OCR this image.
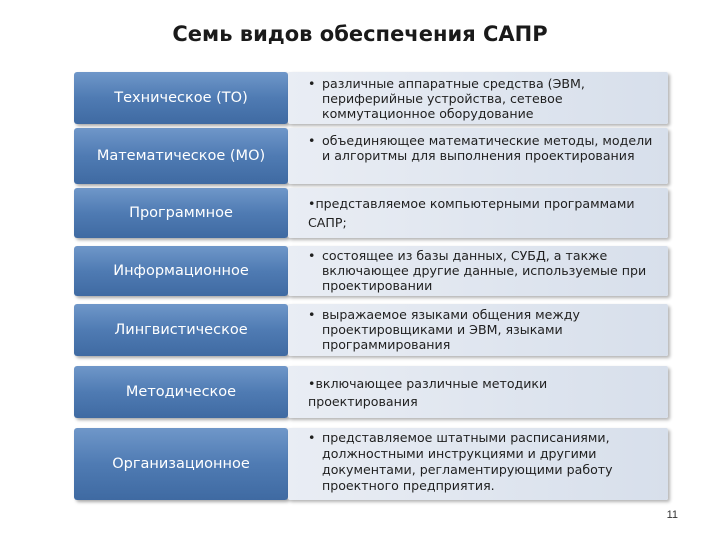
Семь видов обеспечения САПР
Техническое (ТО)
• различные аппаратные средства (ЭВМ, периферийные устройства, сетевое коммутационное оборудование
Математическое (МО)
• объединяющее математические методы, модели и алгоритмы для выполнения проектирования
Программное
•представляемое компьютерными программами САПР;
Информационное
• состоящее из базы данных, СУБД, а также включающее другие данные, используемые при проектировании
Лингвистическое
• выражаемое языками общения между проектировщиками и ЭВМ, языками программирования
Методическое
•включающее различные методики проектирования
Организационное
• представляемое штатными расписаниями, должностными инструкциями и другими документами, регламентирующими работу проектного предприятия.
11
